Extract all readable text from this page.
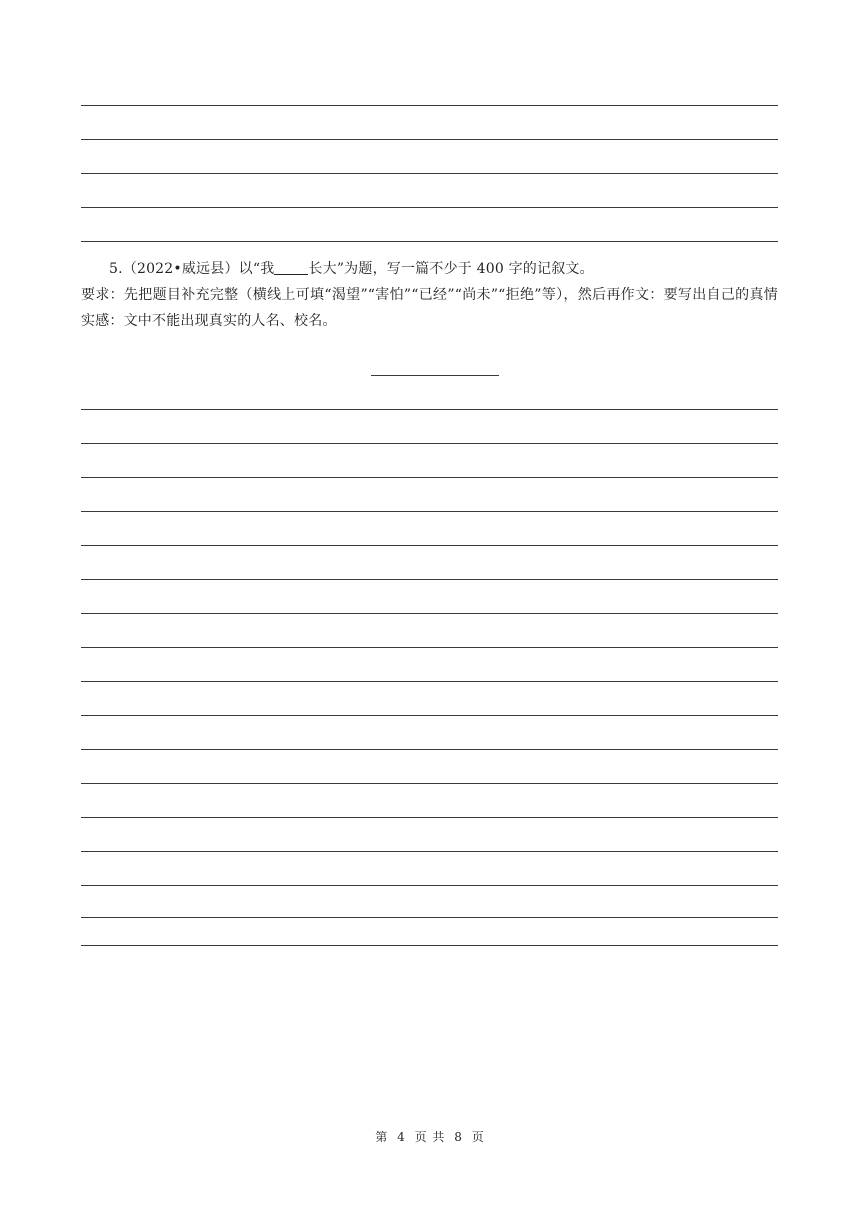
5.（2022•威远县）以“我 长大”为题，写一篇不少于 400 字的记叙文。
要求：先把题目补充完整（横线上可填“渴望”“害怕”“已经”“尚未”“拒绝”等），然后再作文：要写出自己的真情实感：文中不能出现真实的人名、校名。
第 4 页 共 8 页
